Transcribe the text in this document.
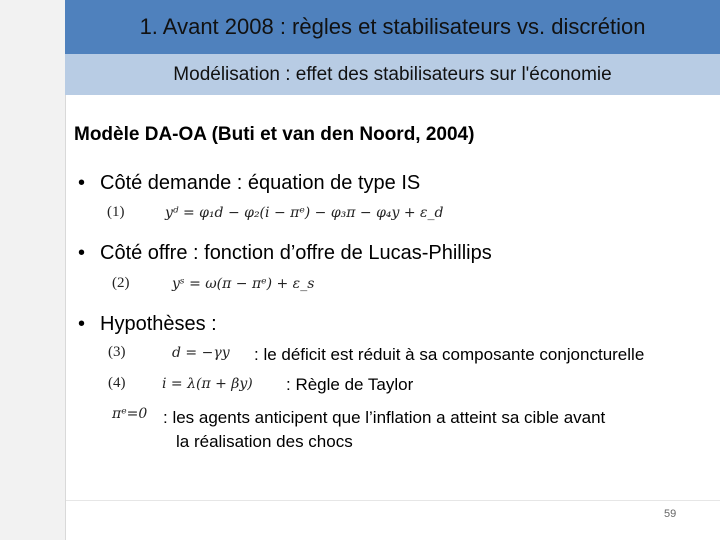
1. Avant 2008 : règles et stabilisateurs vs. discrétion
Modélisation : effet des stabilisateurs sur l'économie
Modèle DA-OA (Buti et van den Noord, 2004)
• Côté demande : équation de type IS
(1)	yᵈ = φ₁d − φ₂(i − πᵉ) − φ₃π − φ₄y + ε_d
• Côté offre : fonction d’offre de Lucas-Phillips
(2)	yˢ = ω(π − πᵉ) + ε_s
• Hypothèses :
(3)	d = −γy : le déficit est réduit à sa composante conjoncturelle
(4)	i = λ(π + βy) : Règle de Taylor
πᵉ=0 : les agents anticipent que l’inflation a atteint sa cible avant
la réalisation des chocs
59
